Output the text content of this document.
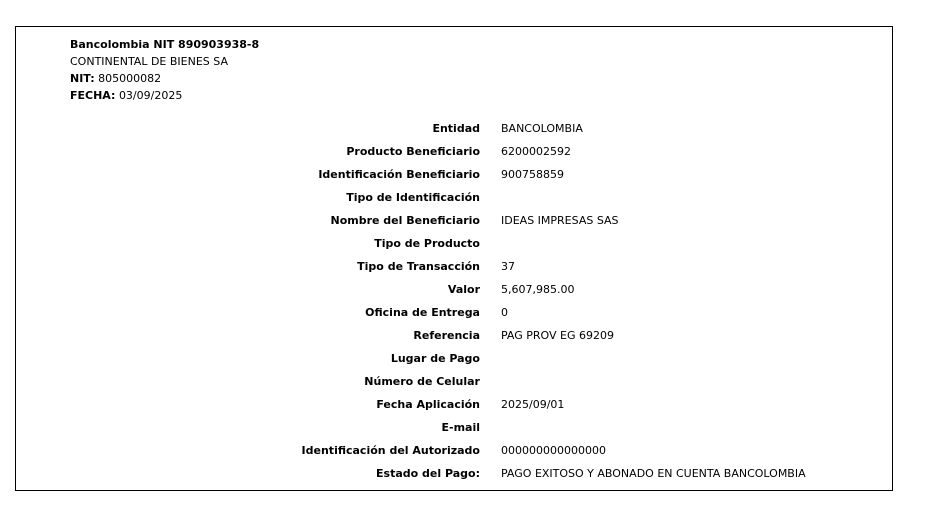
Bancolombia NIT 890903938-8
CONTINENTAL DE BIENES SA
NIT: 805000082
FECHA: 03/09/2025
Entidad BANCOLOMBIA
Producto Beneficiario 6200002592
Identificación Beneficiario 900758859
Tipo de Identificación
Nombre del Beneficiario IDEAS IMPRESAS SAS
Tipo de Producto
Tipo de Transacción 37
Valor 5,607,985.00
Oficina de Entrega 0
Referencia PAG PROV EG 69209
Lugar de Pago
Número de Celular
Fecha Aplicación 2025/09/01
E-mail
Identificación del Autorizado 000000000000000
Estado del Pago: PAGO EXITOSO Y ABONADO EN CUENTA BANCOLOMBIA
